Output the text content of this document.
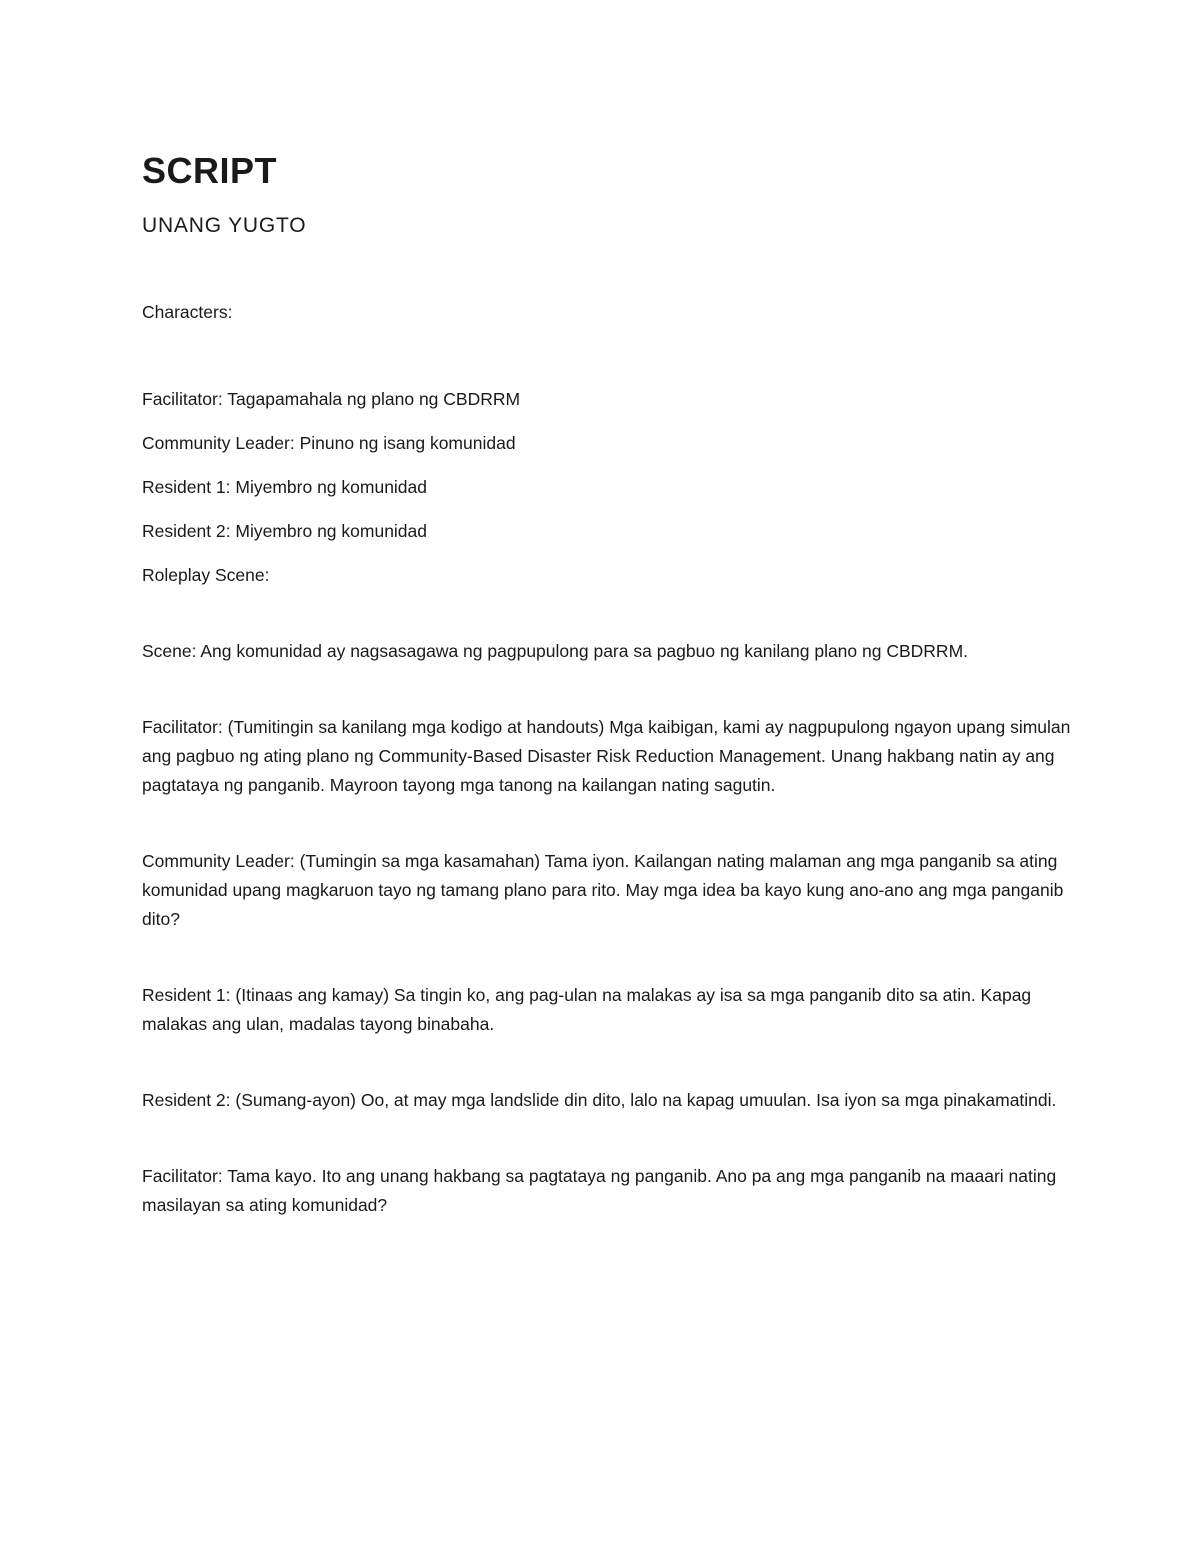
SCRIPT
UNANG YUGTO

Characters:

Facilitator: Tagapamahala ng plano ng CBDRRM

Community Leader: Pinuno ng isang komunidad

Resident 1: Miyembro ng komunidad

Resident 2: Miyembro ng komunidad

Roleplay Scene:

Scene: Ang komunidad ay nagsasagawa ng pagpupulong para sa pagbuo ng kanilang plano ng CBDRRM.

Facilitator: (Tumitingin sa kanilang mga kodigo at handouts) Mga kaibigan, kami ay nagpupulong ngayon upang simulan ang pagbuo ng ating plano ng Community-Based Disaster Risk Reduction Management. Unang hakbang natin ay ang pagtataya ng panganib. Mayroon tayong mga tanong na kailangan nating sagutin.

Community Leader: (Tumingin sa mga kasamahan) Tama iyon. Kailangan nating malaman ang mga panganib sa ating komunidad upang magkaruon tayo ng tamang plano para rito. May mga idea ba kayo kung ano-ano ang mga panganib dito?

Resident 1: (Itinaas ang kamay) Sa tingin ko, ang pag-ulan na malakas ay isa sa mga panganib dito sa atin. Kapag malakas ang ulan, madalas tayong binabaha.

Resident 2: (Sumang-ayon) Oo, at may mga landslide din dito, lalo na kapag umuulan. Isa iyon sa mga pinakamatindi.

Facilitator: Tama kayo. Ito ang unang hakbang sa pagtataya ng panganib. Ano pa ang mga panganib na maaari nating masilayan sa ating komunidad?
